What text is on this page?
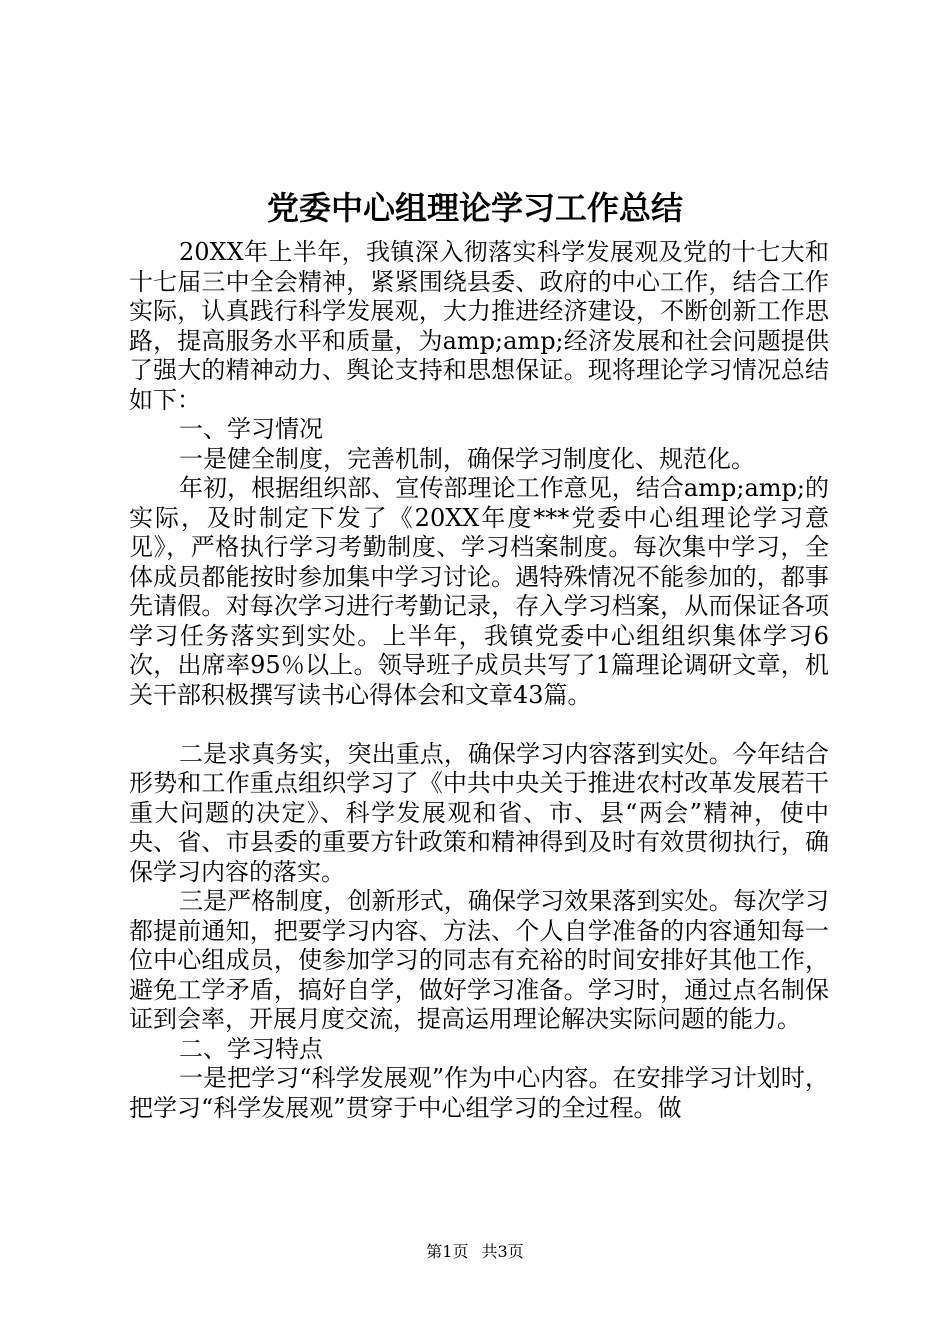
党委中心组理论学习工作总结

20XX年上半年，我镇深入彻落实科学发展观及党的十七大和十七届三中全会精神，紧紧围绕县委、政府的中心工作，结合工作实际，认真践行科学发展观，大力推进经济建设，不断创新工作思路，提高服务水平和质量，为amp;amp;经济发展和社会问题提供了强大的精神动力、舆论支持和思想保证。现将理论学习情况总结如下：

一、学习情况

一是健全制度，完善机制，确保学习制度化、规范化。

年初，根据组织部、宣传部理论工作意见，结合amp;amp;的实际，及时制定下发了《20XX年度***党委中心组理论学习意见》，严格执行学习考勤制度、学习档案制度。每次集中学习，全体成员都能按时参加集中学习讨论。遇特殊情况不能参加的，都事先请假。对每次学习进行考勤记录，存入学习档案，从而保证各项学习任务落实到实处。上半年，我镇党委中心组组织集体学习6次，出席率95％以上。领导班子成员共写了1篇理论调研文章，机关干部积极撰写读书心得体会和文章43篇。

二是求真务实，突出重点，确保学习内容落到实处。今年结合形势和工作重点组织学习了《中共中央关于推进农村改革发展若干重大问题的决定》、科学发展观和省、市、县“两会”精神，使中央、省、市县委的重要方针政策和精神得到及时有效贯彻执行，确保学习内容的落实。

三是严格制度，创新形式，确保学习效果落到实处。每次学习都提前通知，把要学习内容、方法、个人自学准备的内容通知每一位中心组成员，使参加学习的同志有充裕的时间安排好其他工作，避免工学矛盾，搞好自学，做好学习准备。学习时，通过点名制保证到会率，开展月度交流，提高运用理论解决实际问题的能力。

二、学习特点

一是把学习“科学发展观”作为中心内容。在安排学习计划时，把学习“科学发展观”贯穿于中心组学习的全过程。做

第1页 共3页
